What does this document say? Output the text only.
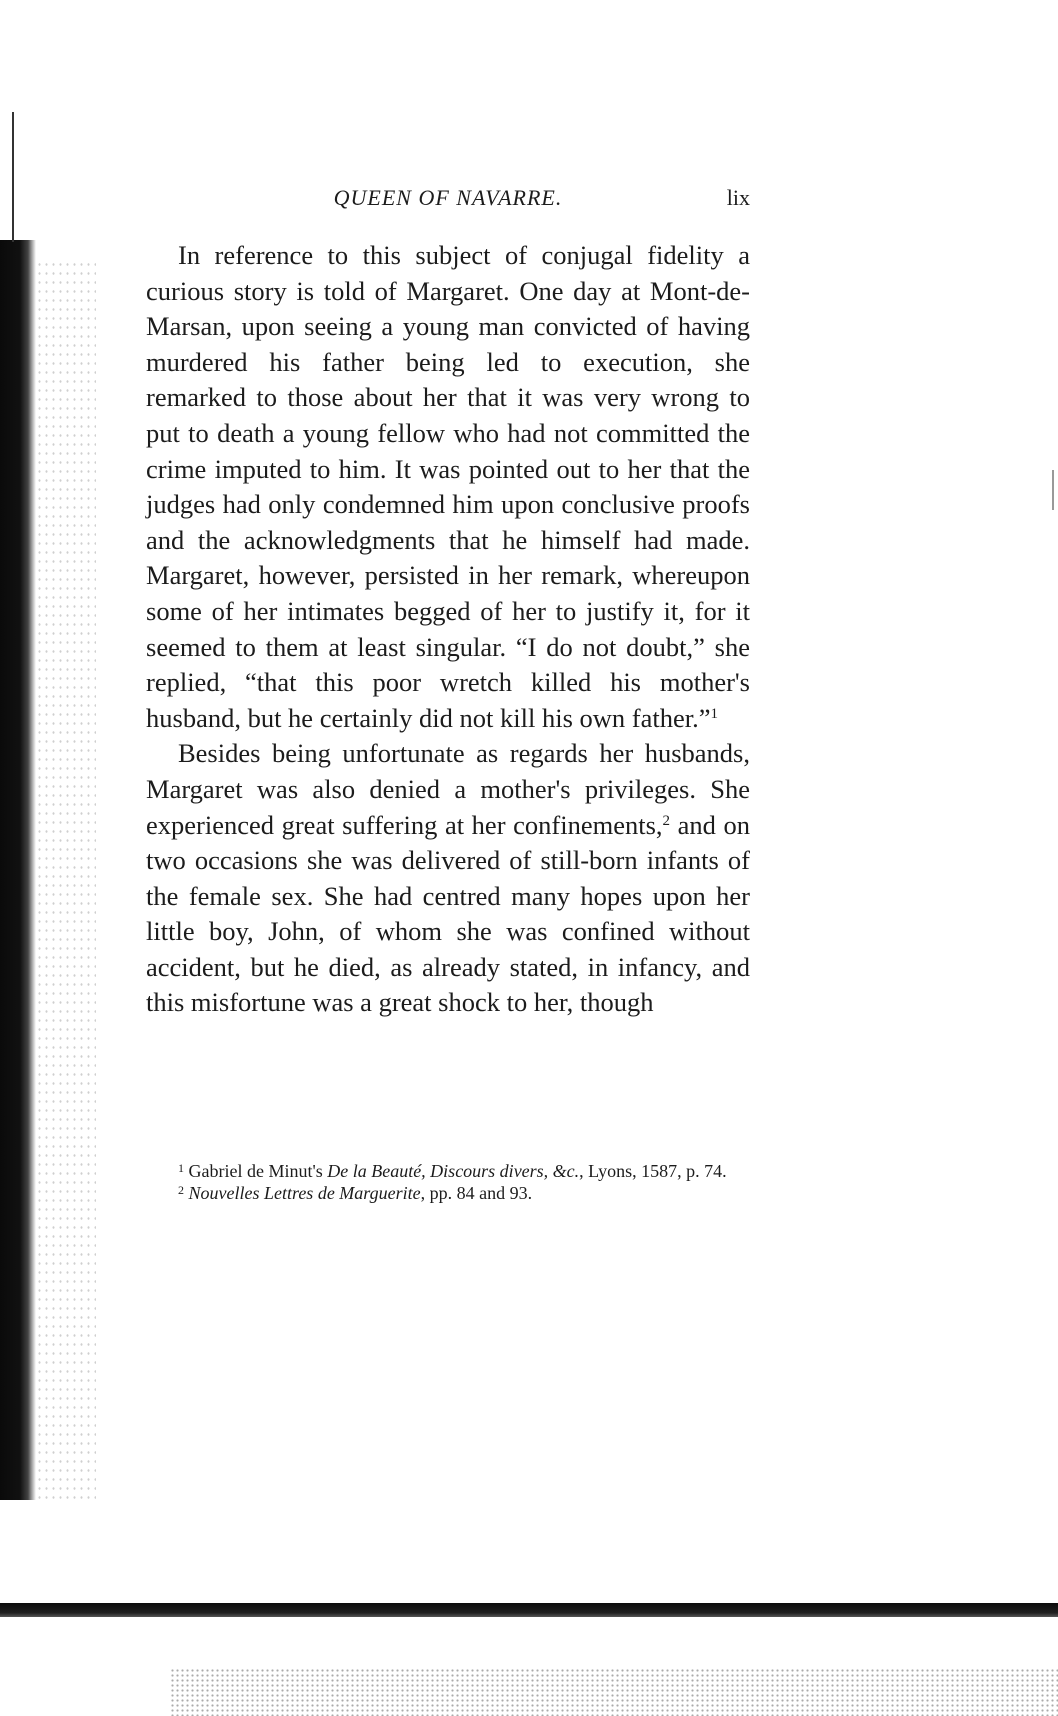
QUEEN OF NAVARRE.	lix

In reference to this subject of conjugal fidelity a curious story is told of Margaret. One day at Mont-de-Marsan, upon seeing a young man convicted of having murdered his father being led to execution, she remarked to those about her that it was very wrong to put to death a young fellow who had not committed the crime imputed to him. It was pointed out to her that the judges had only condemned him upon conclusive proofs and the acknowledgments that he himself had made. Margaret, however, persisted in her remark, whereupon some of her intimates begged of her to justify it, for it seemed to them at least singular. “I do not doubt,” she replied, “that this poor wretch killed his mother's husband, but he certainly did not kill his own father.”$^1$

Besides being unfortunate as regards her husbands, Margaret was also denied a mother's privileges. She experienced great suffering at her confinements,$^2$ and on two occasions she was delivered of still-born infants of the female sex. She had centred many hopes upon her little boy, John, of whom she was confined without accident, but he died, as already stated, in infancy, and this misfortune was a great shock to her, though

$^1$ Gabriel de Minut's De la Beauté, Discours divers, &c., Lyons, 1587, p. 74.

$^2$ Nouvelles Lettres de Marguerite, pp. 84 and 93.
